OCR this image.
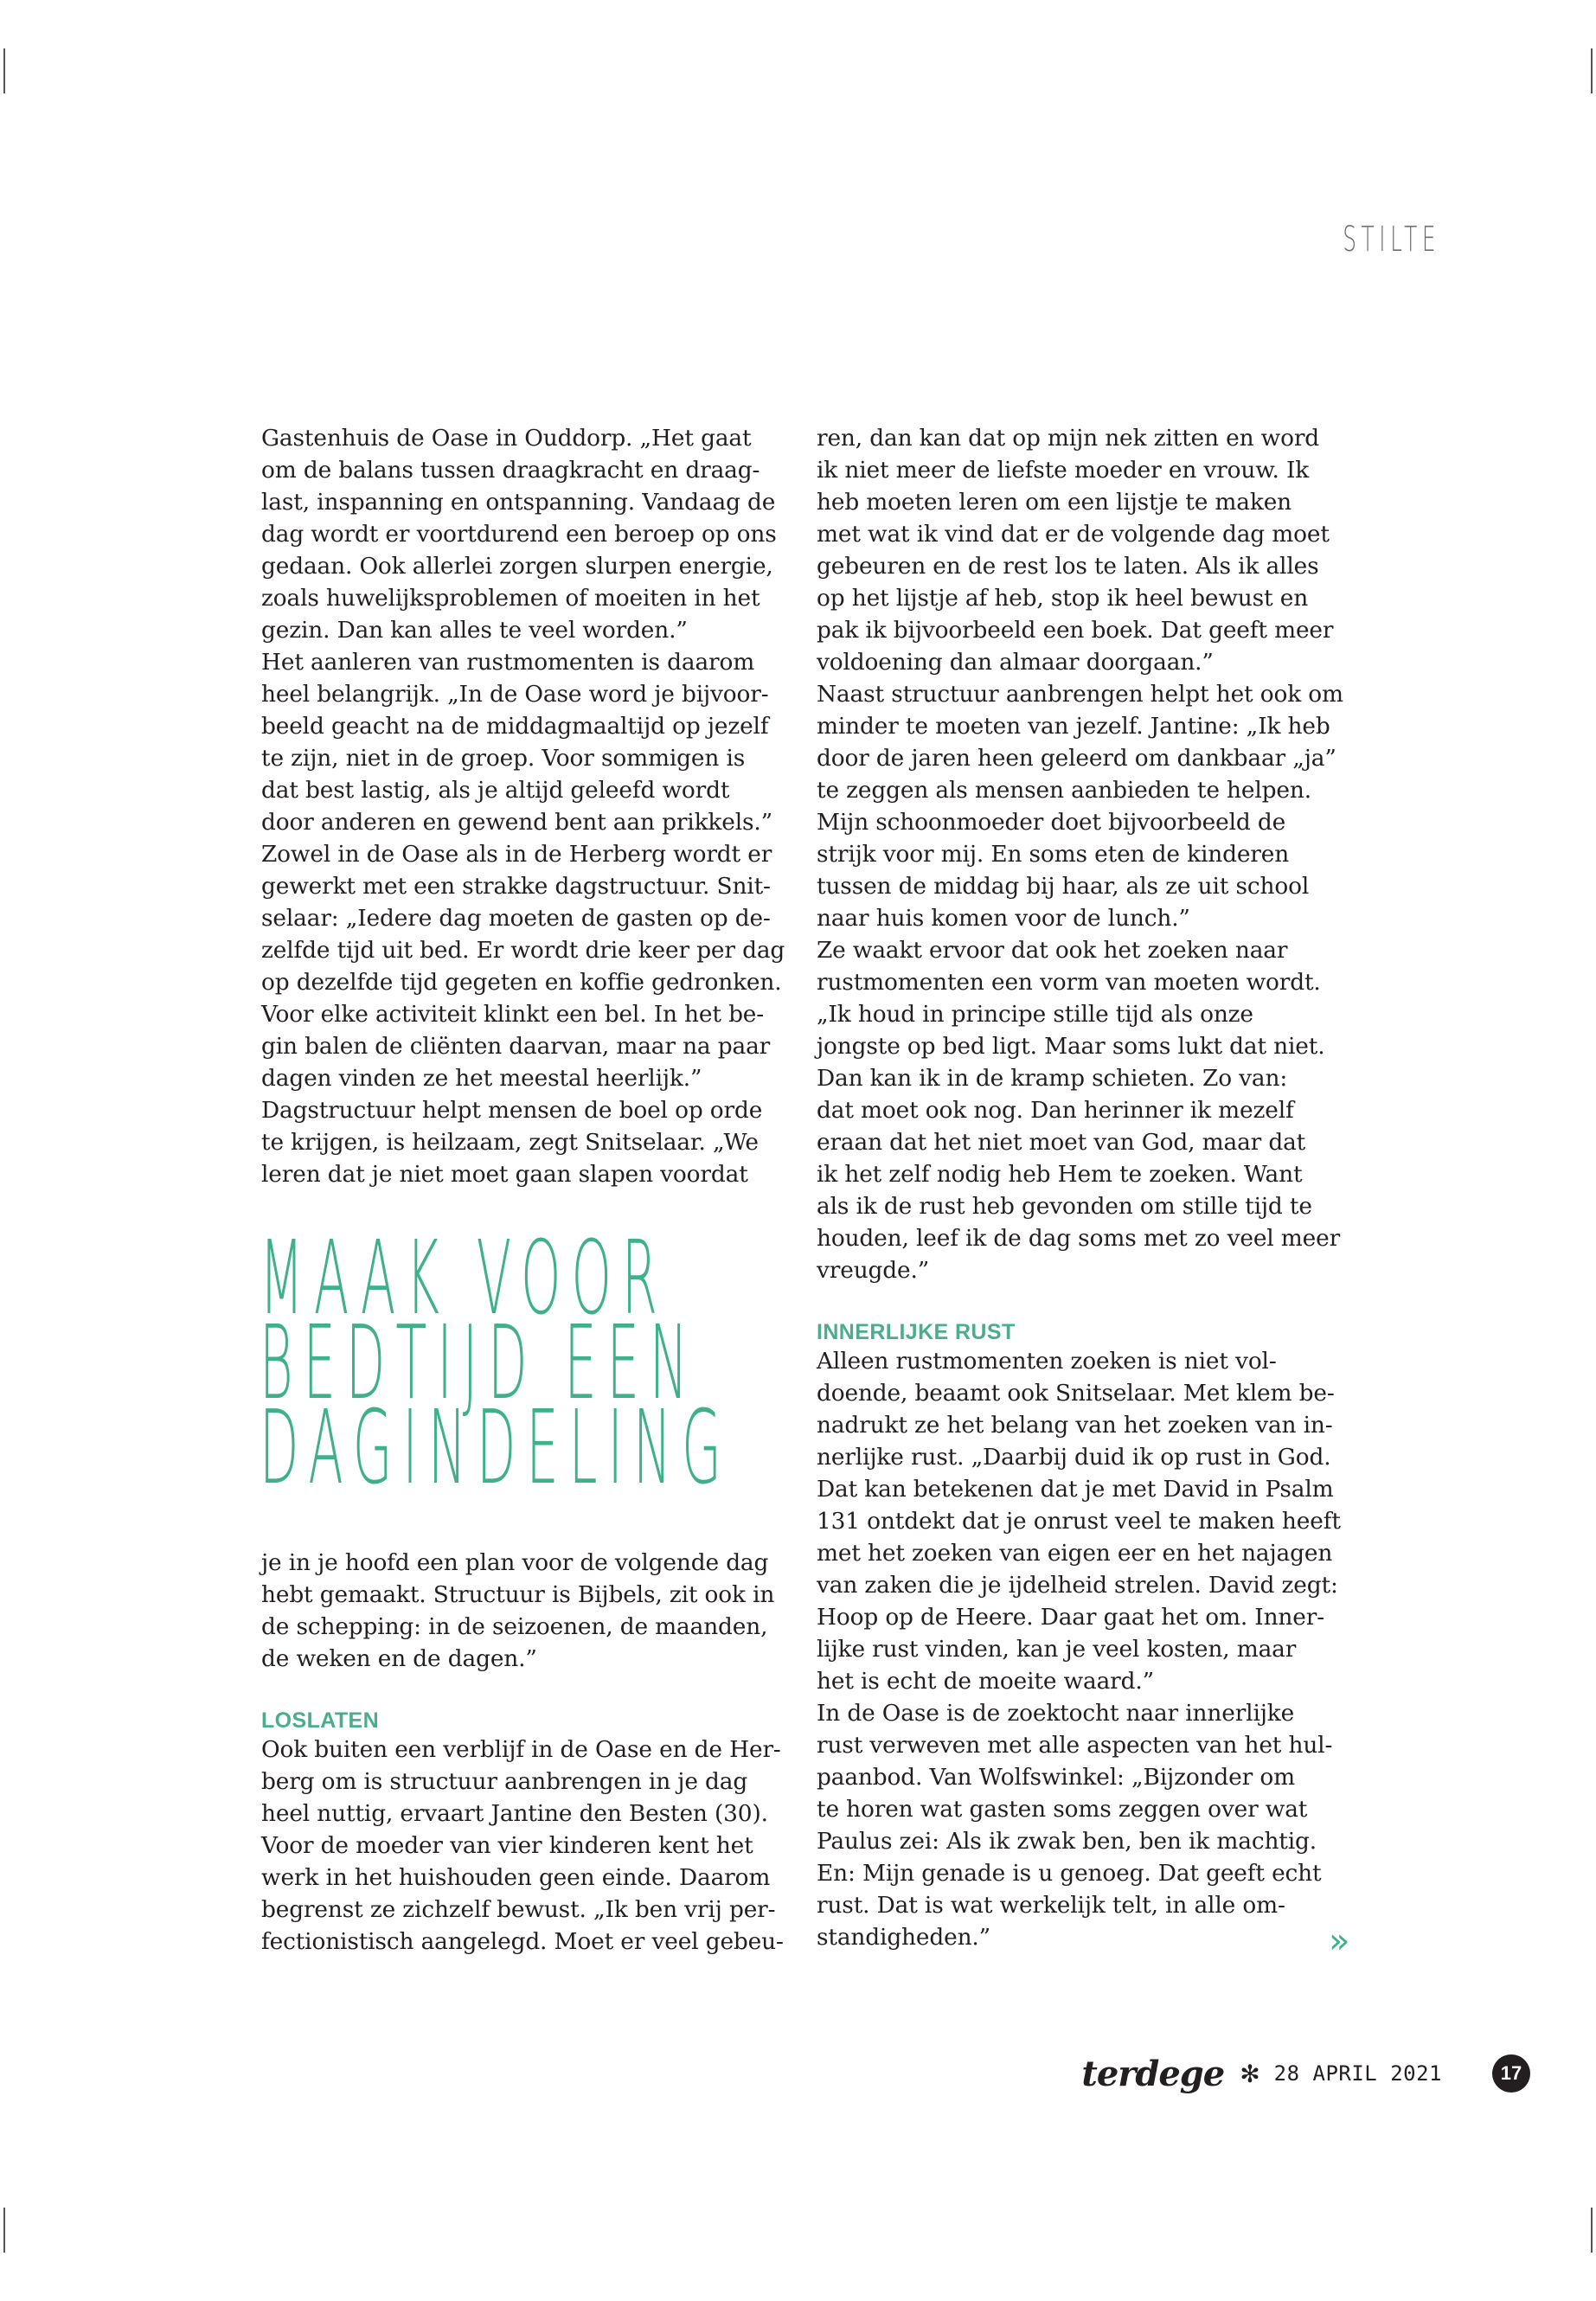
STILTE

Gastenhuis de Oase in Ouddorp. „Het gaat
om de balans tussen draagkracht en draag-
last, inspanning en ontspanning. Vandaag de
dag wordt er voortdurend een beroep op ons
gedaan. Ook allerlei zorgen slurpen energie,
zoals huwelijksproblemen of moeiten in het
gezin. Dan kan alles te veel worden.”

Het aanleren van rustmomenten is daarom
heel belangrijk. „In de Oase word je bijvoor-
beeld geacht na de middagmaaltijd op jezelf
te zijn, niet in de groep. Voor sommigen is
dat best lastig, als je altijd geleefd wordt
door anderen en gewend bent aan prikkels.”

Zowel in de Oase als in de Herberg wordt er
gewerkt met een strakke dagstructuur. Snit-
selaar: „Iedere dag moeten de gasten op de-
zelfde tijd uit bed. Er wordt drie keer per dag
op dezelfde tijd gegeten en koffie gedronken.
Voor elke activiteit klinkt een bel. In het be-
gin balen de cliënten daarvan, maar na paar
dagen vinden ze het meestal heerlijk.”

Dagstructuur helpt mensen de boel op orde
te krijgen, is heilzaam, zegt Snitselaar. „We
leren dat je niet moet gaan slapen voordat

MAAK VOOR
BEDTIJD EEN
DAGINDELING

je in je hoofd een plan voor de volgende dag
hebt gemaakt. Structuur is Bijbels, zit ook in
de schepping: in de seizoenen, de maanden,
de weken en de dagen.”

LOSLATEN

Ook buiten een verblijf in de Oase en de Her-
berg om is structuur aanbrengen in je dag
heel nuttig, ervaart Jantine den Besten (30).
Voor de moeder van vier kinderen kent het
werk in het huishouden geen einde. Daarom
begrenst ze zichzelf bewust. „Ik ben vrij per-
fectionistisch aangelegd. Moet er veel gebeu-

ren, dan kan dat op mijn nek zitten en word
ik niet meer de liefste moeder en vrouw. Ik
heb moeten leren om een lijstje te maken
met wat ik vind dat er de volgende dag moet
gebeuren en de rest los te laten. Als ik alles
op het lijstje af heb, stop ik heel bewust en
pak ik bijvoorbeeld een boek. Dat geeft meer
voldoening dan almaar doorgaan.”

Naast structuur aanbrengen helpt het ook om
minder te moeten van jezelf. Jantine: „Ik heb
door de jaren heen geleerd om dankbaar „ja”
te zeggen als mensen aanbieden te helpen.
Mijn schoonmoeder doet bijvoorbeeld de
strijk voor mij. En soms eten de kinderen
tussen de middag bij haar, als ze uit school
naar huis komen voor de lunch.”

Ze waakt ervoor dat ook het zoeken naar
rustmomenten een vorm van moeten wordt.
„Ik houd in principe stille tijd als onze
jongste op bed ligt. Maar soms lukt dat niet.
Dan kan ik in de kramp schieten. Zo van:
dat moet ook nog. Dan herinner ik mezelf
eraan dat het niet moet van God, maar dat
ik het zelf nodig heb Hem te zoeken. Want
als ik de rust heb gevonden om stille tijd te
houden, leef ik de dag soms met zo veel meer
vreugde.”

INNERLIJKE RUST

Alleen rustmomenten zoeken is niet vol-
doende, beaamt ook Snitselaar. Met klem be-
nadrukt ze het belang van het zoeken van in-
nerlijke rust. „Daarbij duid ik op rust in God.
Dat kan betekenen dat je met David in Psalm
131 ontdekt dat je onrust veel te maken heeft
met het zoeken van eigen eer en het najagen
van zaken die je ijdelheid strelen. David zegt:
Hoop op de Heere. Daar gaat het om. Inner-
lijke rust vinden, kan je veel kosten, maar
het is echt de moeite waard.”

In de Oase is de zoektocht naar innerlijke
rust verweven met alle aspecten van het hul-
paanbod. Van Wolfswinkel: „Bijzonder om
te horen wat gasten soms zeggen over wat
Paulus zei: Als ik zwak ben, ben ik machtig.
En: Mijn genade is u genoeg. Dat geeft echt
rust. Dat is wat werkelijk telt, in alle om-
standigheden.”	»
terdege ✻ 28 APRIL 2021	17
